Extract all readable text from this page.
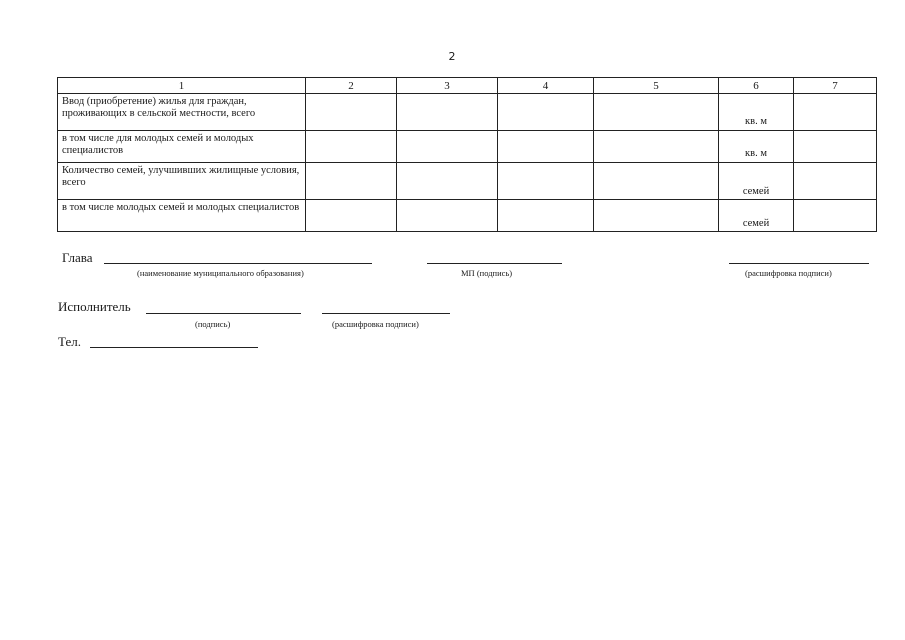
2
1	2	3	4	5	6	7
Ввод (приобретение) жилья для граждан, проживающих в сельской местности, всего					кв. м	
в том числе для молодых семей и молодых специалистов					кв. м	
Количество семей, улучшивших жилищные условия, всего					семей	
в том числе молодых семей и молодых специалистов					семей	
Глава
(наименование муниципального образования)	МП (подпись)	(расшифровка подписи)
Исполнитель
(подпись)	(расшифровка подписи)
Тел.
